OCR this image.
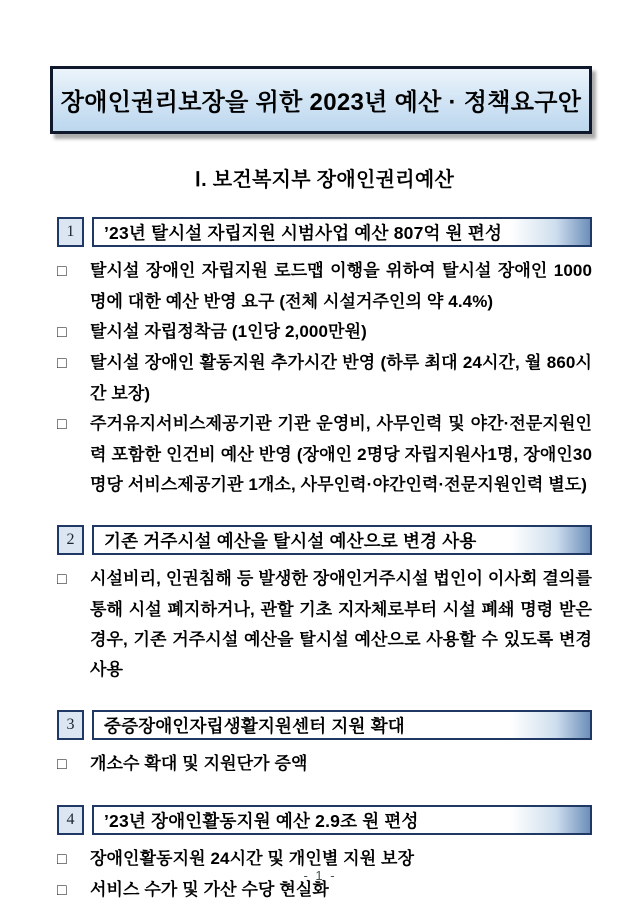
장애인권리보장을 위한 2023년 예산 · 정책요구안
Ⅰ. 보건복지부 장애인권리예산
1	’23년 탈시설 자립지원 시범사업 예산 807억 원 편성

□ 탈시설 장애인 자립지원 로드맵 이행을 위하여 탈시설 장애인 1000명에 대한 예산 반영 요구 (전체 시설거주인의 약 4.4%)

□ 탈시설 자립정착금 (1인당 2,000만원)

□ 탈시설 장애인 활동지원 추가시간 반영 (하루 최대 24시간, 월 860시간 보장)

□ 주거유지서비스제공기관 기관 운영비, 사무인력 및 야간·전문지원인력 포함한 인건비 예산 반영 (장애인 2명당 자립지원사1명, 장애인30명당 서비스제공기관 1개소, 사무인력·야간인력·전문지원인력 별도)

2	기존 거주시설 예산을 탈시설 예산으로 변경 사용

□ 시설비리, 인권침해 등 발생한 장애인거주시설 법인이 이사회 결의를 통해 시설 폐지하거나, 관할 기초 지자체로부터 시설 폐쇄 명령 받은 경우, 기존 거주시설 예산을 탈시설 예산으로 사용할 수 있도록 변경 사용

3	중증장애인자립생활지원센터 지원 확대

□ 개소수 확대 및 지원단가 증액

4	’23년 장애인활동지원 예산 2.9조 원 편성

□ 장애인활동지원 24시간 및 개인별 지원 보장

□ 서비스 수가 및 가산 수당 현실화

- 1 -
